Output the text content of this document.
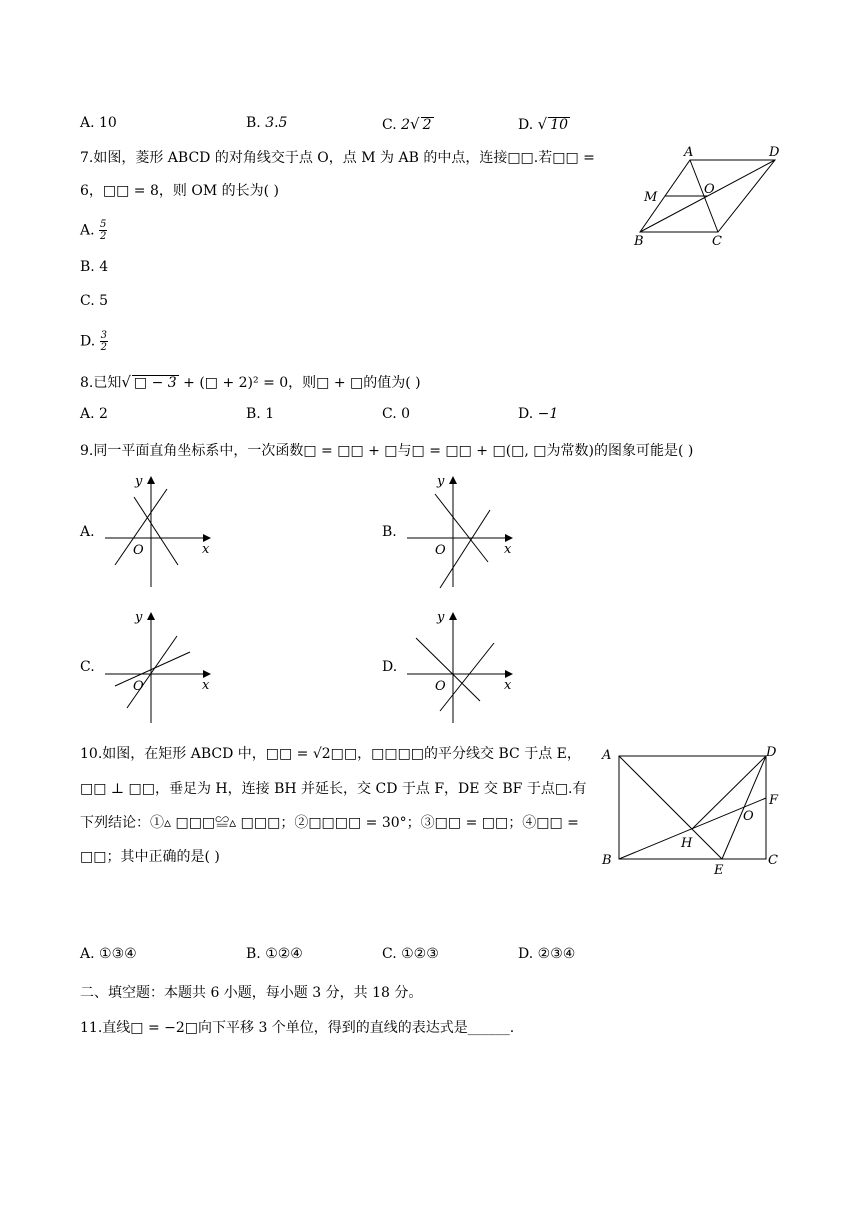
A. 10	B. 3.5	C. 2√ 2	D. √ 10
7.如图，菱形 ABCD 的对角线交于点 O，点 M 为 AB 的中点，连接□□.若□□ =
6，□□ = 8，则 OM 的长为( )
A. $\frac{5}{2}$
B. 4
C. 5
D. $\frac{3}{2}$
A	D
M
O
B	C
8.已知√ □ − 3 + (□ + 2)² = 0，则□ + □的值为( )
A. 2	B. 1	C. 0	D. −1
9.同一平面直角坐标系中，一次函数□ = □□ + □与□ = □□ + □(□, □为常数)的图象可能是( )
A.	B.
C.	D.
x
y
O	x
y
O
x
y
O	x
y
O
10.如图，在矩形 ABCD 中，□□ = √2□□，□□□□的平分线交 BC 于点 E，
□□ ⊥ □□，垂足为 H，连接 BH 并延长，交 CD 于点 F，DE 交 BF 于点□.有
下列结论：①▵ □□□≌▵ □□□；②□□□□ = 30°；③□□ = □□；④□□ =
□□；其中正确的是( )
A	D
F
O
H
B
E
C
A. ①③④	B. ①②④	C. ①②③	D. ②③④
二、填空题：本题共 6 小题，每小题 3 分，共 18 分。
11.直线□ = −2□向下平移 3 个单位，得到的直线的表达式是______.
